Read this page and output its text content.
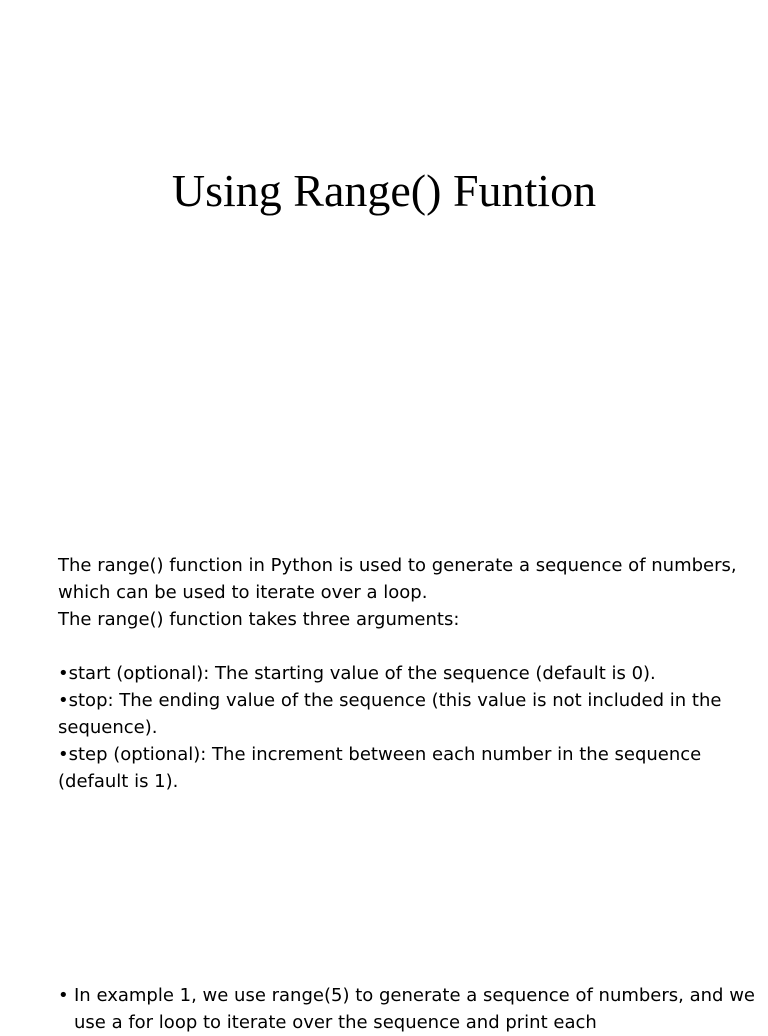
Using Range() Funtion

The range() function in Python is used to generate a sequence of numbers, which can be used to iterate over a loop.

The range() function takes three arguments:

•start (optional): The starting value of the sequence (default is 0).

•stop: The ending value of the sequence (this value is not included in the sequence).

•step (optional): The increment between each number in the sequence (default is 1).

• In example 1, we use range(5) to generate a sequence of numbers, and we use a for loop to iterate over the sequence and print each
